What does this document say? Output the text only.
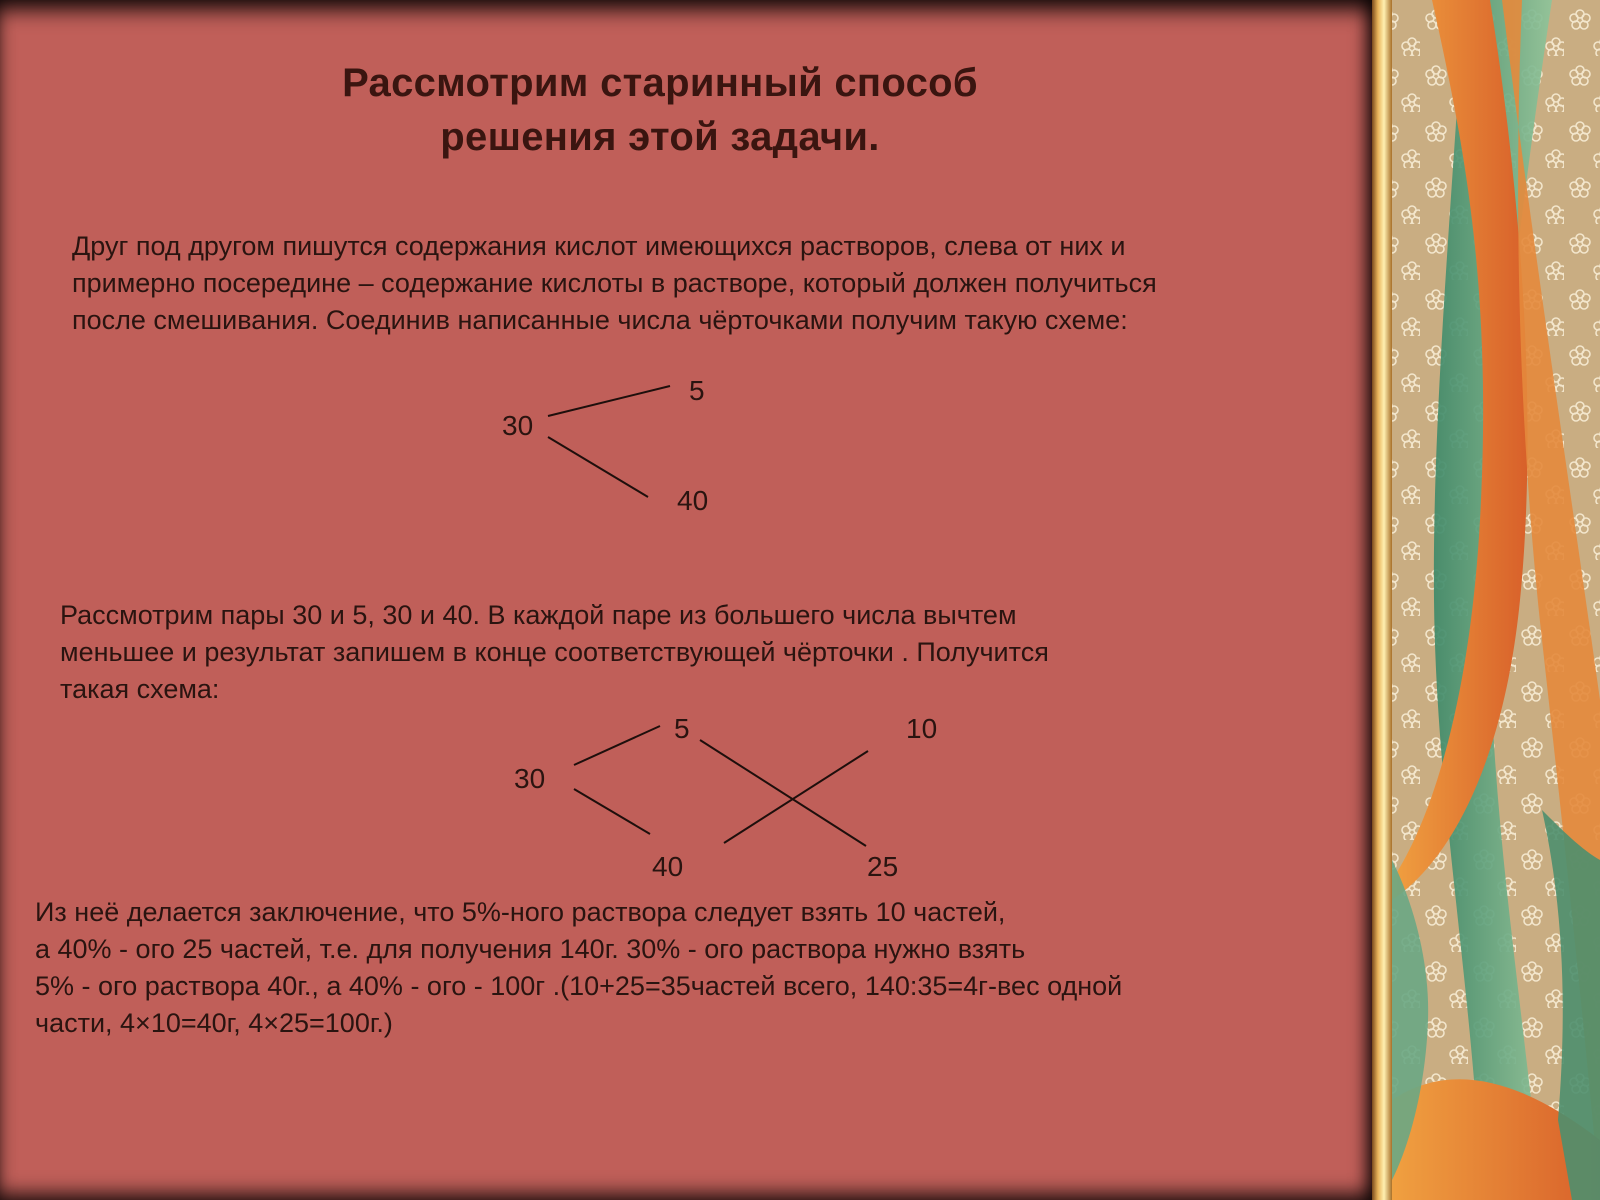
Рассмотрим старинный способ
решения этой задачи.
Друг под другом пишутся содержания кислот имеющихся растворов, слева от них и
примерно посередине – содержание кислоты в растворе, который должен получиться
после смешивания. Соединив написанные числа чёрточками получим такую схеме:
30
5
40
Рассмотрим пары 30 и 5, 30 и 40. В каждой паре из большего числа вычтем
меньшее и результат запишем в конце соответствующей чёрточки . Получится
такая схема:
30
5
40
10
25
Из неё делается заключение, что 5%-ного раствора следует взять 10 частей,
а 40% - ого 25 частей, т.е. для получения 140г. 30% - ого раствора нужно взять
5% - ого раствора 40г., а 40% - ого - 100г .(10+25=35частей всего, 140:35=4г-вес одной
части, 4×10=40г, 4×25=100г.)
